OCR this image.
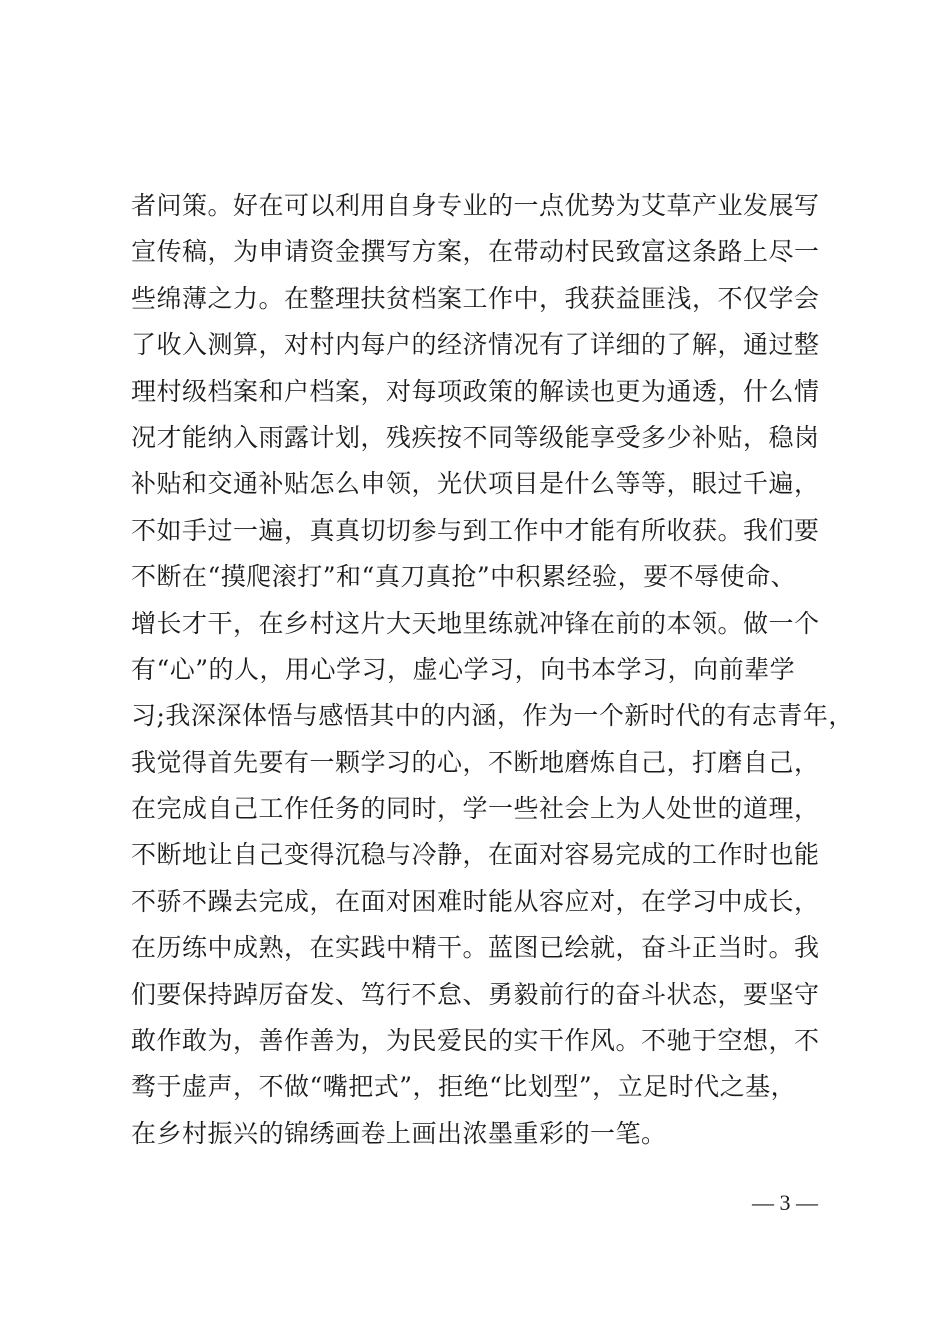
者问策。好在可以利用自身专业的一点优势为艾草产业发展写
宣传稿，为申请资金撰写方案，在带动村民致富这条路上尽一
些绵薄之力。在整理扶贫档案工作中，我获益匪浅，不仅学会
了收入测算，对村内每户的经济情况有了详细的了解，通过整
理村级档案和户档案，对每项政策的解读也更为通透，什么情
况才能纳入雨露计划，残疾按不同等级能享受多少补贴，稳岗
补贴和交通补贴怎么申领，光伏项目是什么等等，眼过千遍，
不如手过一遍，真真切切参与到工作中才能有所收获。我们要
不断在“摸爬滚打”和“真刀真抢”中积累经验，要不辱使命、
增长才干，在乡村这片大天地里练就冲锋在前的本领。做一个
有“心”的人，用心学习，虚心学习，向书本学习，向前辈学
习;我深深体悟与感悟其中的内涵，作为一个新时代的有志青年，
我觉得首先要有一颗学习的心，不断地磨炼自己，打磨自己，
在完成自己工作任务的同时，学一些社会上为人处世的道理，
不断地让自己变得沉稳与冷静，在面对容易完成的工作时也能
不骄不躁去完成，在面对困难时能从容应对，在学习中成长，
在历练中成熟，在实践中精干。蓝图已绘就，奋斗正当时。我
们要保持踔厉奋发、笃行不怠、勇毅前行的奋斗状态，要坚守
敢作敢为，善作善为，为民爱民的实干作风。不驰于空想，不
骛于虚声，不做“嘴把式”，拒绝“比划型”，立足时代之基，
在乡村振兴的锦绣画卷上画出浓墨重彩的一笔。
— 3 —
